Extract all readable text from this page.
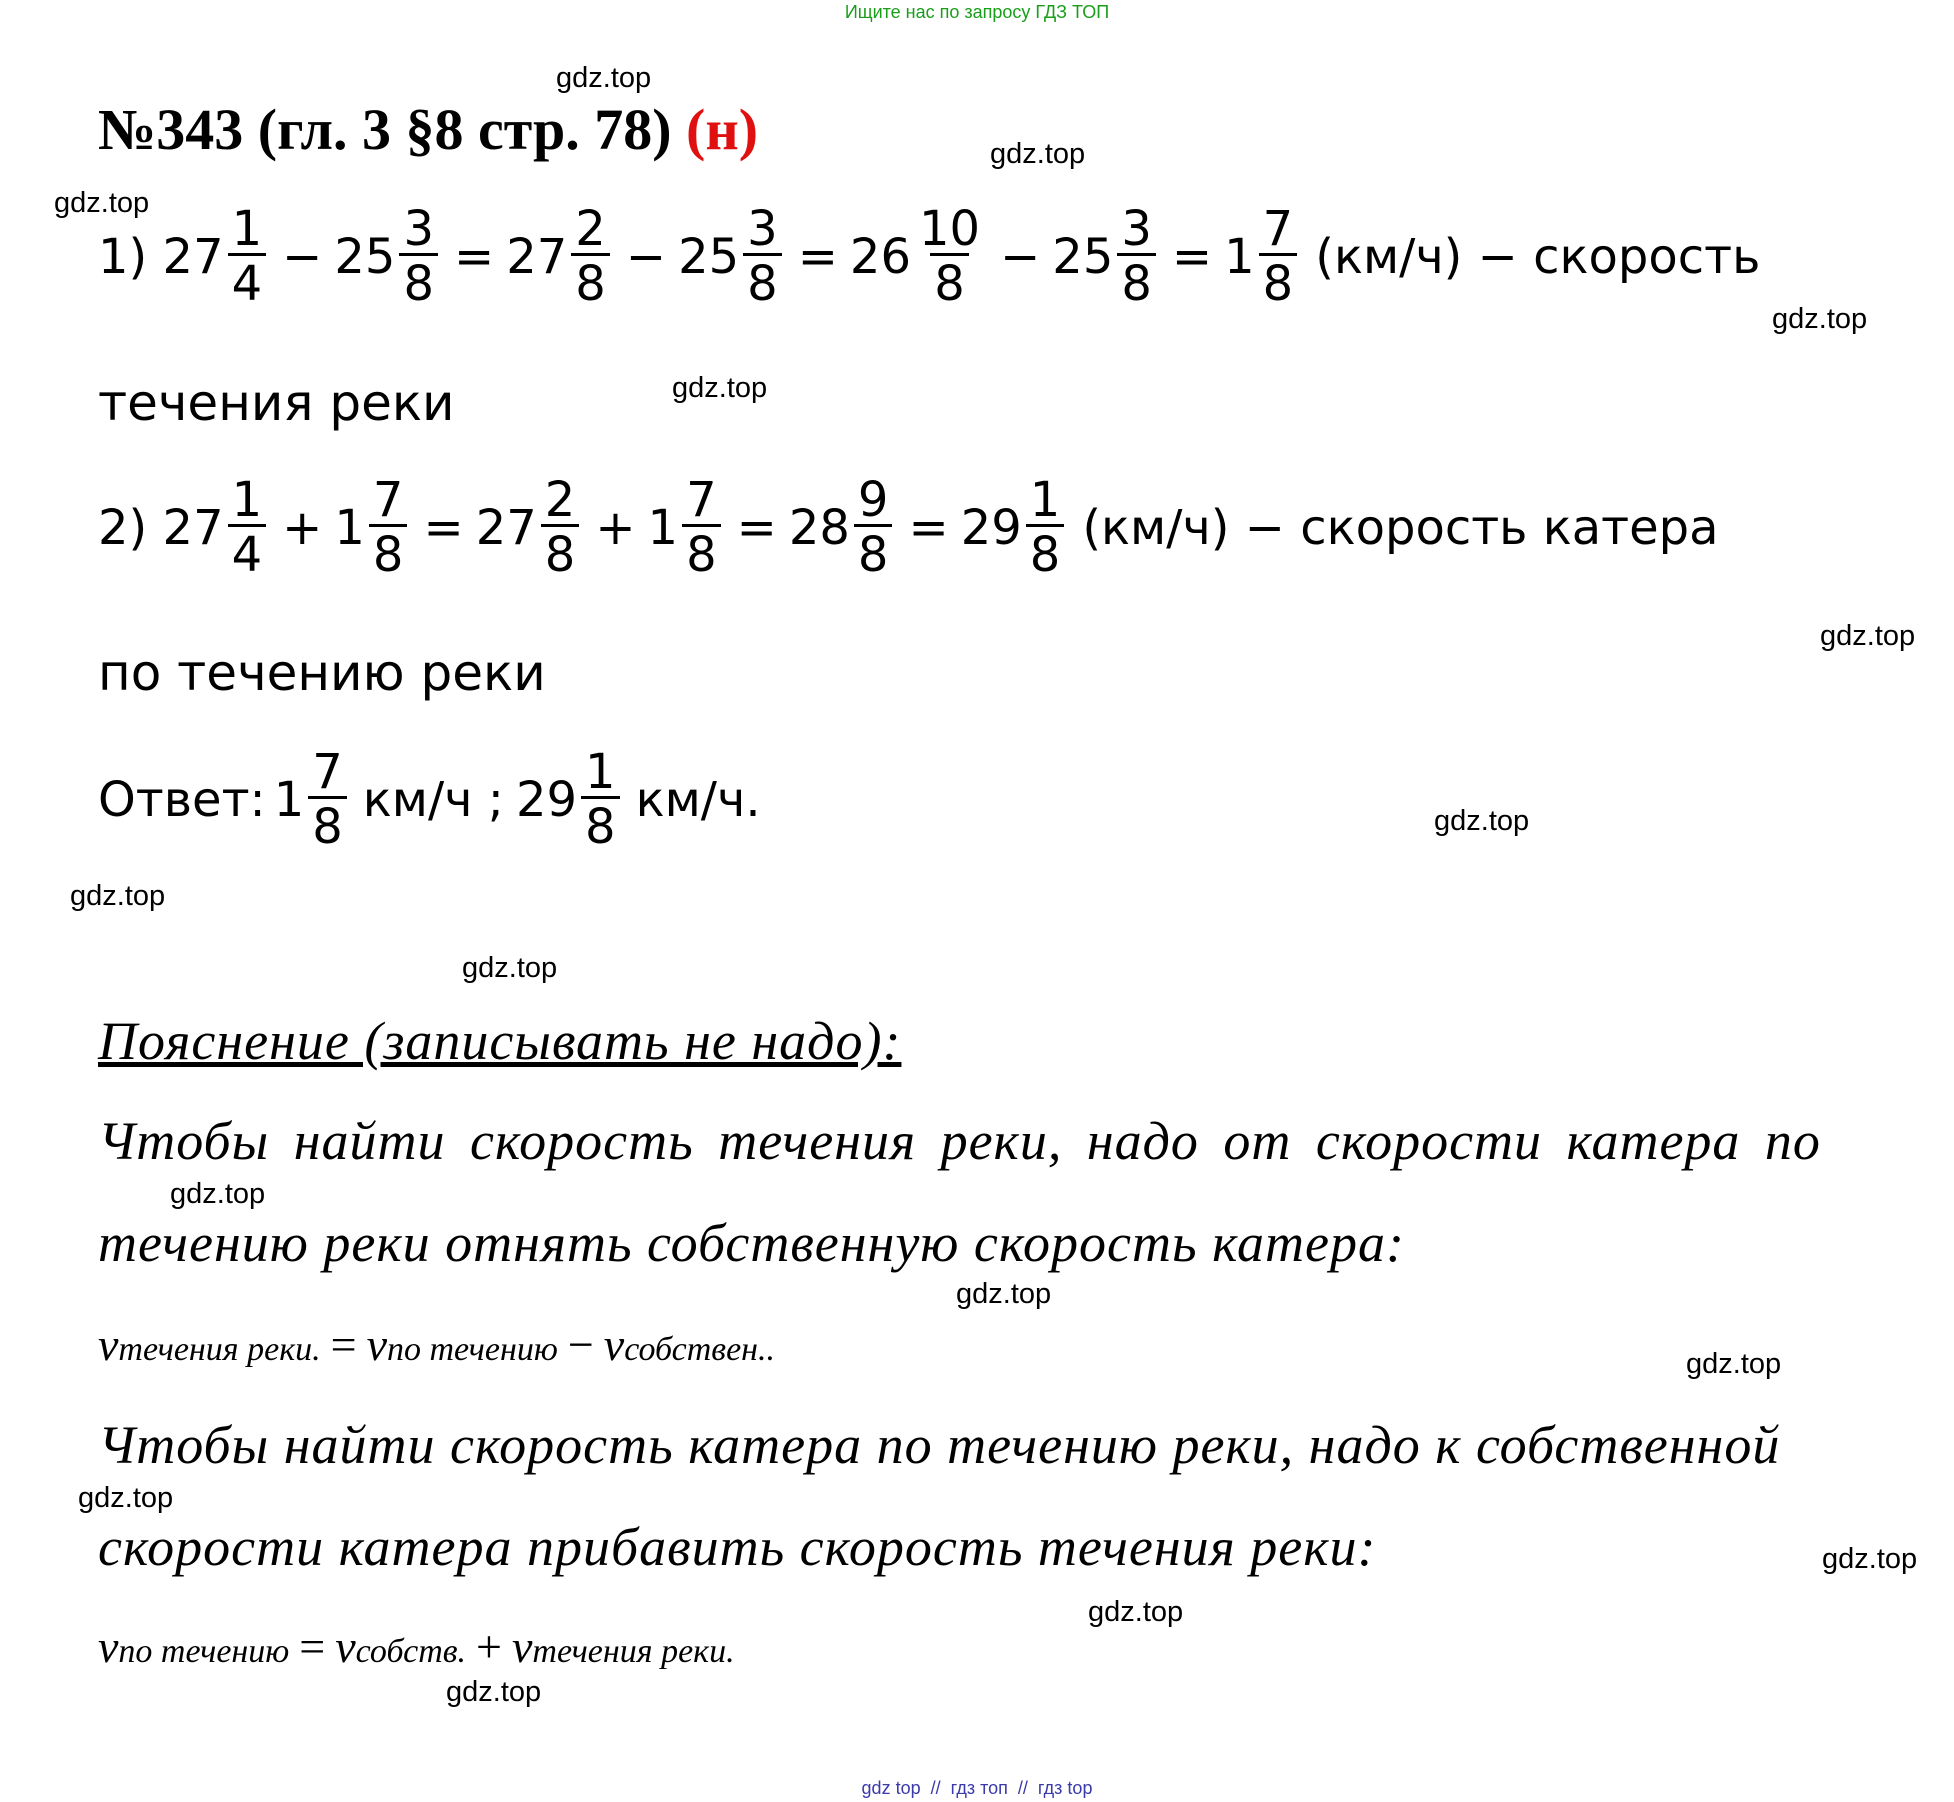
Ищите нас по запросу ГДЗ ТОП
gdz.top
gdz.top
gdz.top
gdz.top
gdz.top
gdz.top
gdz.top
gdz.top
gdz.top
gdz.top
gdz.top
gdz.top
gdz.top
gdz.top
gdz.top
gdz.top
№343 (гл. 3 §8 стр. 78) (н)
1)
$27 \frac{1}{4} - 25 \frac{3}{8} = 27 \frac{2}{8} - 25 \frac{3}{8} = 26 \frac{10}{8} - 25 \frac{3}{8} = 1 \frac{7}{8} (км/ч)$ − скорость
течения реки
2)
$27 \frac{1}{4} + 1 \frac{7}{8} = 27 \frac{2}{8} + 1 \frac{7}{8} = 28 \frac{9}{8} = 29 \frac{1}{8} (км/ч)$ − скорость катера
по течению реки
Ответ: $1 \frac{7}{8} км/ч$ ; $29 \frac{1}{8} км/ч$.
Пояснение (записывать не надо):
Чтобы найти скорость течения реки, надо от скорости катера по
течению реки отнять собственную скорость катера:
vтечения реки. = vпо течению − vсобствен..
Чтобы найти скорость катера по течению реки, надо к собственной
скорости катера прибавить скорость течения реки:
vпо течению = vсобств. + vтечения реки.
gdz top  //  гдз топ  //  гдз top
